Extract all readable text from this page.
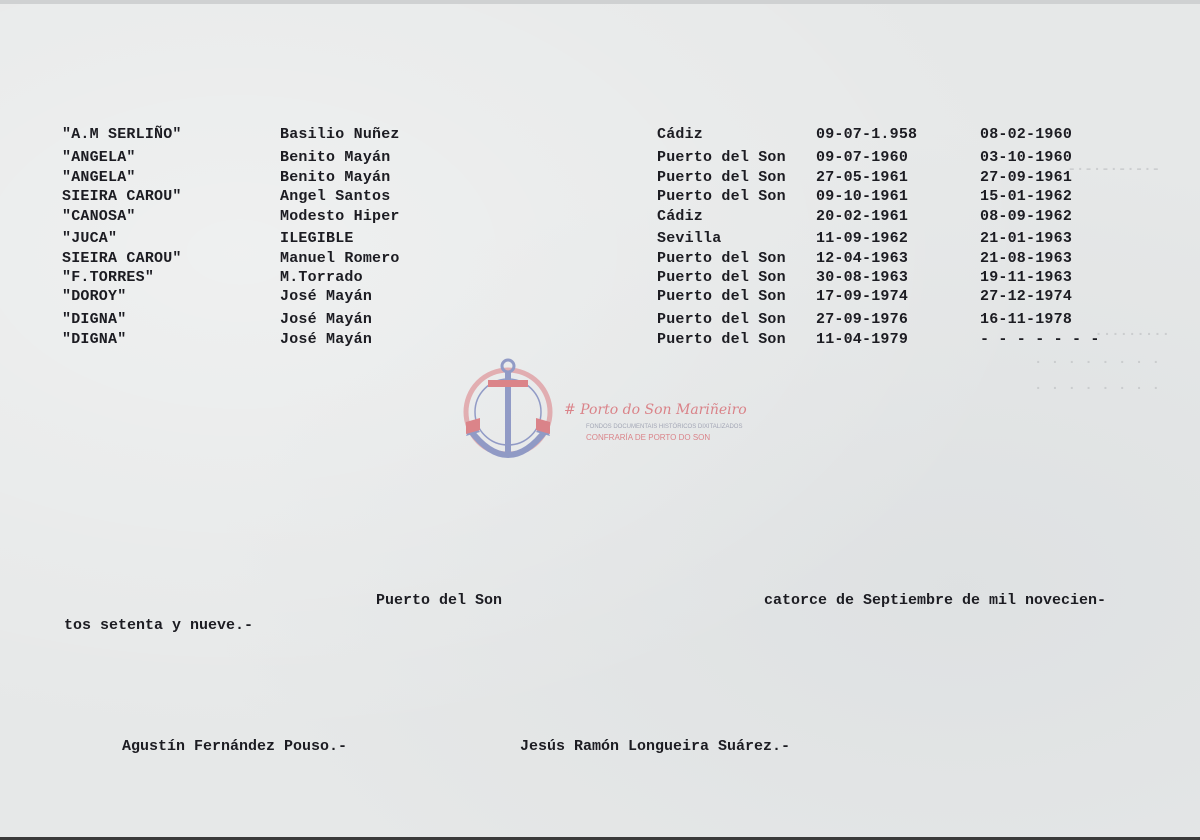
-·-·-·-·-·-
·········
. . . . . . . .
. . . . . . . .
"A.M SERLIÑO"	Basilio Nuñez	Cádiz	09-07-1.958	08-02-1960
"ANGELA"	Benito Mayán	Puerto del Son 09-07-1960	03-10-1960
"ANGELA"	Benito Mayán	Puerto del Son 27-05-1961	27-09-1961
SIEIRA CAROU"	Angel Santos	Puerto del Son 09-10-1961	15-01-1962
"CANOSA"	Modesto Hiper	Cádiz	20-02-1961	08-09-1962
"JUCA"	ILEGIBLE	Sevilla	11-09-1962	21-01-1963
SIEIRA CAROU"	Manuel Romero	Puerto del Son 12-04-1963	21-08-1963
"F.TORRES"	M.Torrado	Puerto del Son 30-08-1963	19-11-1963
"DOROY"	José Mayán	Puerto del Son 17-09-1974	27-12-1974
"DIGNA"	José Mayán	Puerto del Son 27-09-1976	16-11-1978
"DIGNA"	José Mayán	Puerto del Son 11-04-1979	- - - - - - -
# Porto do Son Mariñeiro
FONDOS DOCUMENTAIS HISTÓRICOS DIXITALIZADOS
CONFRARÍA DE PORTO DO SON
Puerto del Son	catorce de Septiembre de mil novecien-
tos setenta y nueve.-
Agustín Fernández Pouso.-	Jesús Ramón Longueira Suárez.-
